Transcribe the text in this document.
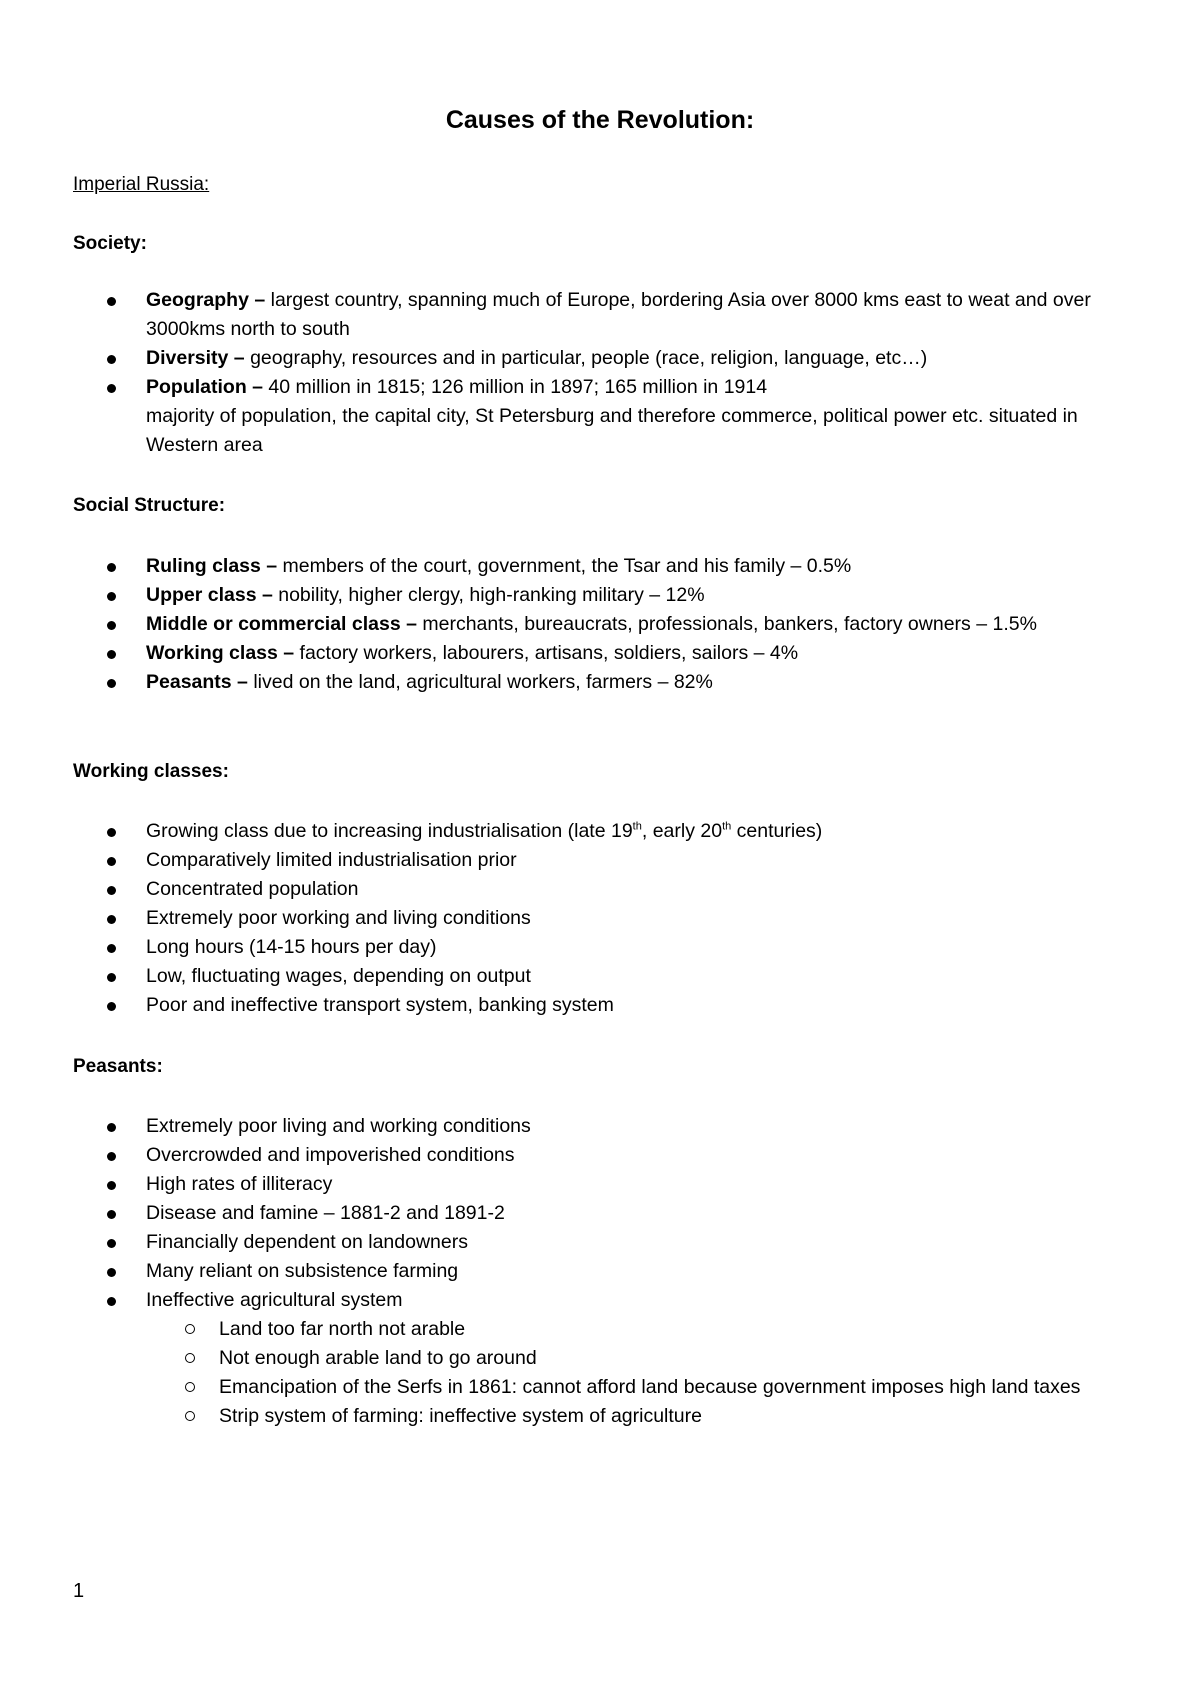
Causes of the Revolution:
Imperial Russia:
Society:
Geography – largest country, spanning much of Europe, bordering Asia over 8000 kms east to weat and over 3000kms north to south
Diversity – geography, resources and in particular, people (race, religion, language, etc…)
Population – 40 million in 1815; 126 million in 1897; 165 million in 1914
majority of population, the capital city, St Petersburg and therefore commerce, political power etc. situated in Western area
Social Structure:
Ruling class – members of the court, government, the Tsar and his family – 0.5%
Upper class – nobility, higher clergy, high-ranking military – 12%
Middle or commercial class – merchants, bureaucrats, professionals, bankers, factory owners – 1.5%
Working class – factory workers, labourers, artisans, soldiers, sailors – 4%
Peasants – lived on the land, agricultural workers, farmers – 82%
Working classes:
Growing class due to increasing industrialisation (late 19th, early 20th centuries)
Comparatively limited industrialisation prior
Concentrated population
Extremely poor working and living conditions
Long hours (14-15 hours per day)
Low, fluctuating wages, depending on output
Poor and ineffective transport system, banking system
Peasants:
Extremely poor living and working conditions
Overcrowded and impoverished conditions
High rates of illiteracy
Disease and famine – 1881-2 and 1891-2
Financially dependent on landowners
Many reliant on subsistence farming
Ineffective agricultural system
Land too far north not arable
Not enough arable land to go around
Emancipation of the Serfs in 1861: cannot afford land because government imposes high land taxes
Strip system of farming: ineffective system of agriculture
1
